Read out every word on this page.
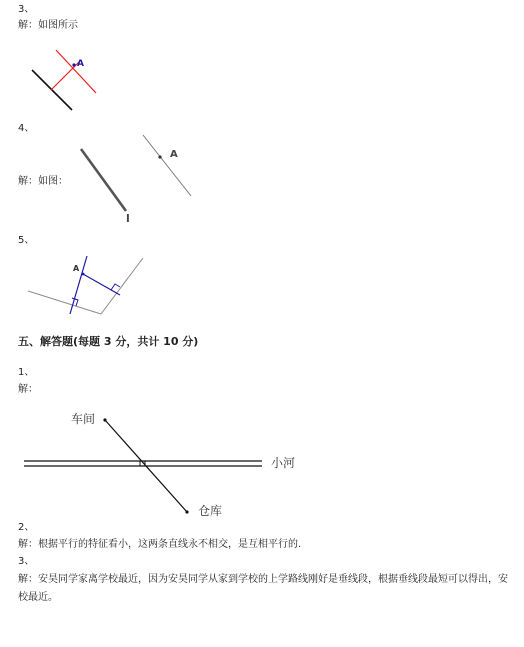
3、
解：如图所示
A
4、
解：如图：
A
l
5、
A
五、解答题(每题 3 分，共计 10 分)
1、
解：
车间
小河
仓库
2、
解：根据平行的特征看小，这两条直线永不相交，是互相平行的.
3、
解：安昊同学家离学校最近，因为安昊同学从家到学校的上学路线刚好是垂线段，根据垂线段最短可以得出，安
校最近。
